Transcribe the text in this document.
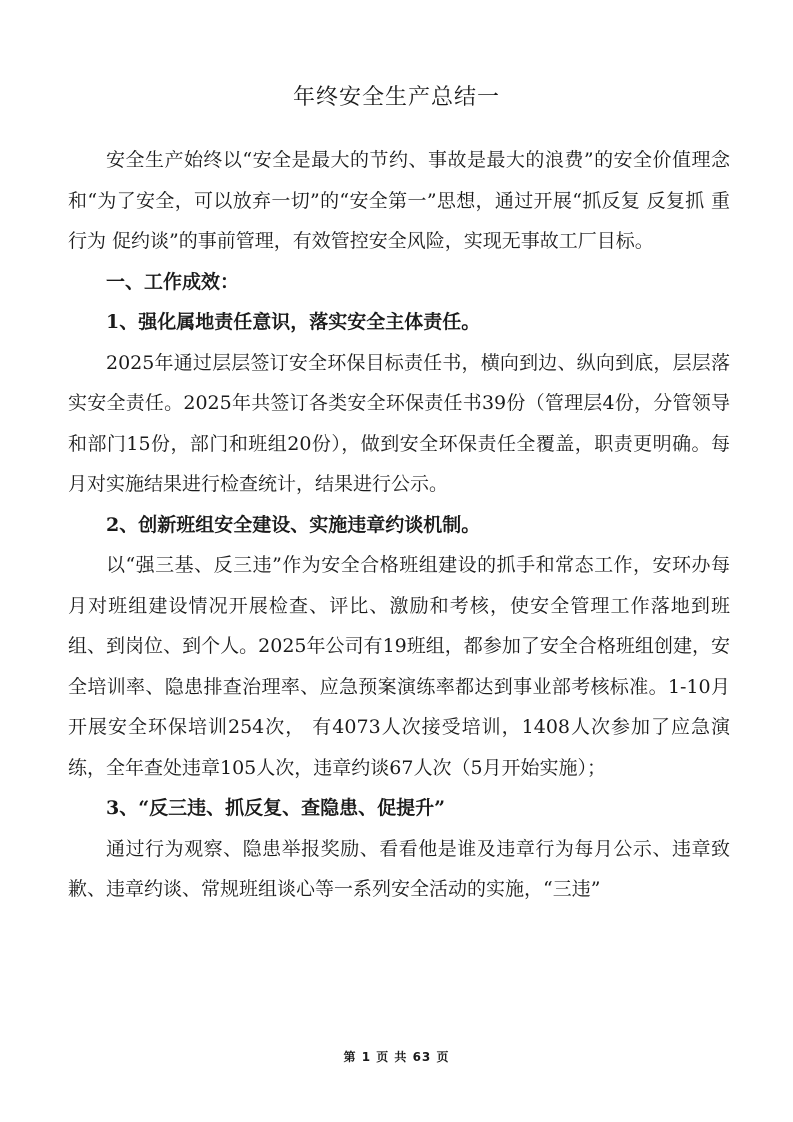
年终安全生产总结一

安全生产始终以“安全是最大的节约、事故是最大的浪费”的安全价值理念和“为了安全，可以放弃一切”的“安全第一”思想，通过开展“抓反复 反复抓 重行为 促约谈”的事前管理，有效管控安全风险，实现无事故工厂目标。

一、工作成效：

1、强化属地责任意识，落实安全主体责任。

2025年通过层层签订安全环保目标责任书，横向到边、纵向到底，层层落实安全责任。2025年共签订各类安全环保责任书39份（管理层4份，分管领导和部门15份，部门和班组20份），做到安全环保责任全覆盖，职责更明确。每月对实施结果进行检查统计，结果进行公示。

2、创新班组安全建设、实施违章约谈机制。

以“强三基、反三违”作为安全合格班组建设的抓手和常态工作，安环办每月对班组建设情况开展检查、评比、激励和考核，使安全管理工作落地到班组、到岗位、到个人。2025年公司有19班组，都参加了安全合格班组创建，安全培训率、隐患排查治理率、应急预案演练率都达到事业部考核标准。1-10月开展安全环保培训254次， 有4073人次接受培训，1408人次参加了应急演练，全年查处违章105人次，违章约谈67人次（5月开始实施）；

3、“反三违、抓反复、查隐患、促提升”

通过行为观察、隐患举报奖励、看看他是谁及违章行为每月公示、违章致歉、违章约谈、常规班组谈心等一系列安全活动的实施，“三违”

第 1 页 共 63 页
